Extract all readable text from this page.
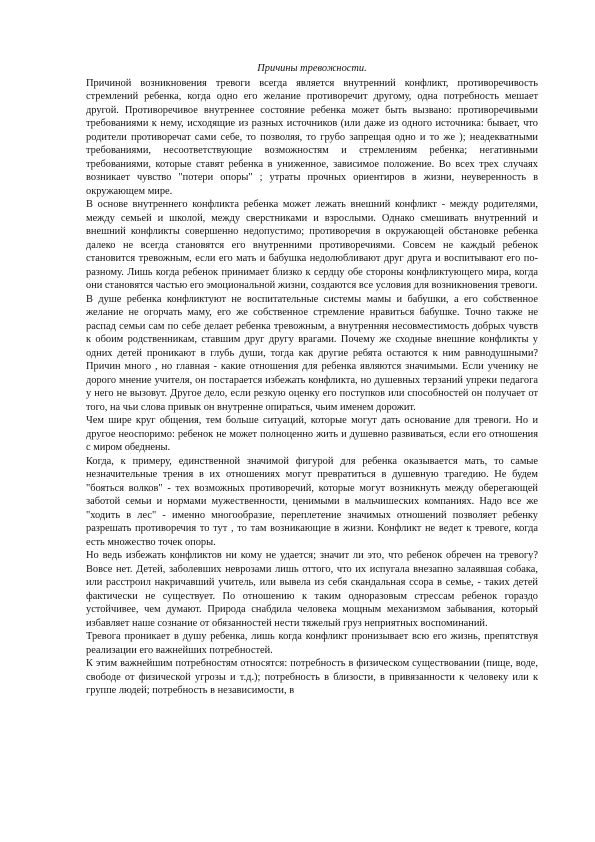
Причины тревожности.

Причиной возникновения тревоги всегда является внутренний конфликт, противоречивость стремлений ребенка, когда одно его желание противоречит другому, одна потребность мешает другой. Противоречивое внутреннее состояние ребенка может быть вызвано: противоречивыми требованиями к нему, исходящие из разных источников (или даже из одного источника: бывает, что родители противоречат сами себе, то позволяя, то грубо запрещая одно и то же ); неадекватными требованиями, несоответствующие возможностям и стремлениям ребенка; негативными требованиями, которые ставят ребенка в униженное, зависимое положение. Во всех трех случаях возникает чувство "потери опоры" ; утраты прочных ориентиров в жизни, неуверенность в окружающем мире.

В основе внутреннего конфликта ребенка может лежать внешний конфликт - между родителями, между семьей и школой, между сверстниками и взрослыми. Однако смешивать внутренний и внешний конфликты совершенно недопустимо; противоречия в окружающей обстановке ребенка далеко не всегда становятся его внутренними противоречиями. Совсем не каждый ребенок становится тревожным, если его мать и бабушка недолюбливают друг друга и воспитывают его по-разному. Лишь когда ребенок принимает близко к сердцу обе стороны конфликтующего мира, когда они становятся частью его эмоциональной жизни, создаются все условия для возникновения тревоги.

В душе ребенка конфликтуют не воспитательные системы мамы и бабушки, а его собственное желание не огорчать маму, его же собственное стремление нравиться бабушке. Точно также не распад семьи сам по себе делает ребенка тревожным, а внутренняя несовместимость добрых чувств к обоим родственникам, ставшим друг другу врагами. Почему же сходные внешние конфликты у одних детей проникают в глубь души, тогда как другие ребята остаются к ним равнодушными? Причин много , но главная - какие отношения для ребенка являются значимыми. Если ученику не дорого мнение учителя, он постарается избежать конфликта, но душевных терзаний упреки педагога у него не вызовут. Другое дело, если резкую оценку его поступков или способностей он получает от того, на чьи слова привык он внутренне опираться, чьим именем дорожит.

Чем шире круг общения, тем больше ситуаций, которые могут дать основание для тревоги. Но и другое неоспоримо: ребенок не может полноценно жить и душевно развиваться, если его отношения с миром обеднены.

Когда, к примеру, единственной значимой фигурой для ребенка оказывается мать, то самые незначительные трения в их отношениях могут превратиться в душевную трагедию. Не будем "бояться волков" - тех возможных противоречий, которые могут возникнуть между оберегающей заботой семьи и нормами мужественности, ценимыми в мальчишеских компаниях. Надо все же "ходить в лес" - именно многообразие, переплетение значимых отношений позволяет ребенку разрешать противоречия то тут , то там возникающие в жизни. Конфликт не ведет к тревоге, когда есть множество точек опоры.

Но ведь избежать конфликтов ни кому не удается; значит ли это, что ребенок обречен на тревогу? Вовсе нет. Детей, заболевших неврозами лишь оттого, что их испугала внезапно залаявшая собака, или расстроил накричавший учитель, или вывела из себя скандальная ссора в семье, - таких детей фактически не существует. По отношению к таким одноразовым стрессам ребенок гораздо устойчивее, чем думают. Природа снабдила человека мощным механизмом забывания, который избавляет наше сознание от обязанностей нести тяжелый груз неприятных воспоминаний.

Тревога проникает в душу ребенка, лишь когда конфликт пронизывает всю его жизнь, препятствуя реализации его важнейших потребностей.

К этим важнейшим потребностям относятся: потребность в физическом существовании (пище, воде, свободе от физической угрозы и т.д.); потребность в близости, в привязанности к человеку или к группе людей; потребность в независимости, в
